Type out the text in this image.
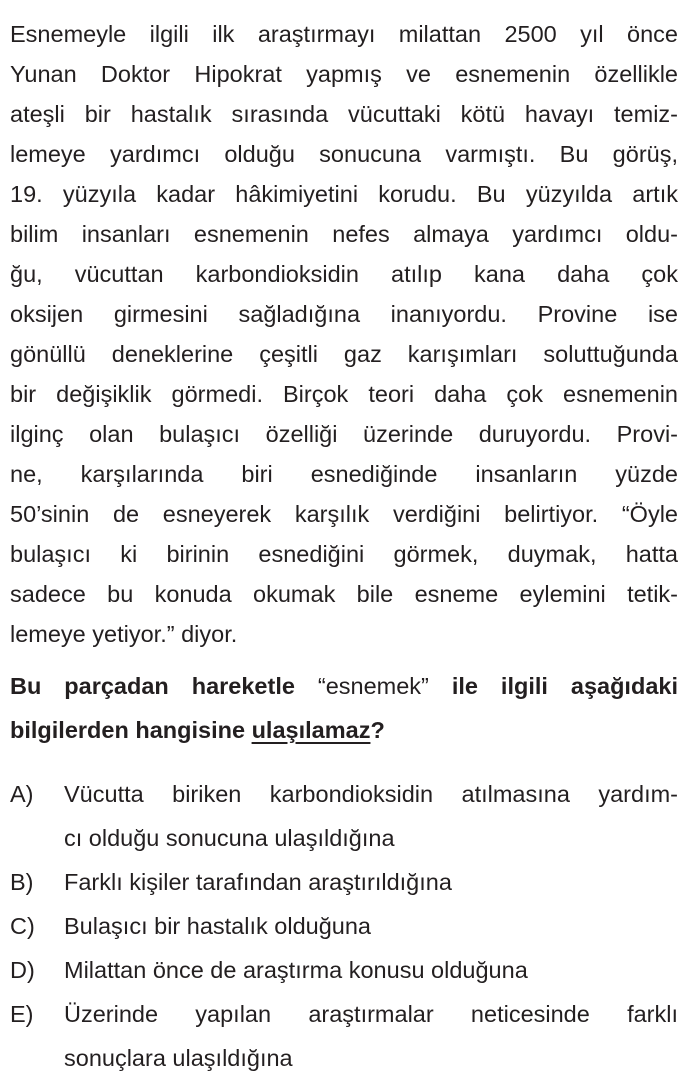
Esnemeyle ilgili ilk araştırmayı milattan 2500 yıl önce
Yunan Doktor Hipokrat yapmış ve esnemenin özellikle
ateşli bir hastalık sırasında vücuttaki kötü havayı temiz-
lemeye yardımcı olduğu sonucuna varmıştı. Bu görüş,
19. yüzyıla kadar hâkimiyetini korudu. Bu yüzyılda artık
bilim insanları esnemenin nefes almaya yardımcı oldu-
ğu, vücuttan karbondioksidin atılıp kana daha çok
oksijen girmesini sağladığına inanıyordu. Provine ise
gönüllü deneklerine çeşitli gaz karışımları soluttuğunda
bir değişiklik görmedi. Birçok teori daha çok esnemenin
ilginç olan bulaşıcı özelliği üzerinde duruyordu. Provi-
ne, karşılarında biri esnediğinde insanların yüzde
50’sinin de esneyerek karşılık verdiğini belirtiyor. “Öyle
bulaşıcı ki birinin esnediğini görmek, duymak, hatta
sadece bu konuda okumak bile esneme eylemini tetik-
lemeye yetiyor.” diyor.
Bu parçadan hareketle “esnemek” ile ilgili aşağıdaki
bilgilerden hangisine ulaşılamaz?
A)	Vücutta biriken karbondioksidin atılmasına yardım-
cı olduğu sonucuna ulaşıldığına
B)	Farklı kişiler tarafından araştırıldığına
C)	Bulaşıcı bir hastalık olduğuna
D)	Milattan önce de araştırma konusu olduğuna
E)	Üzerinde yapılan araştırmalar neticesinde farklı
sonuçlara ulaşıldığına
